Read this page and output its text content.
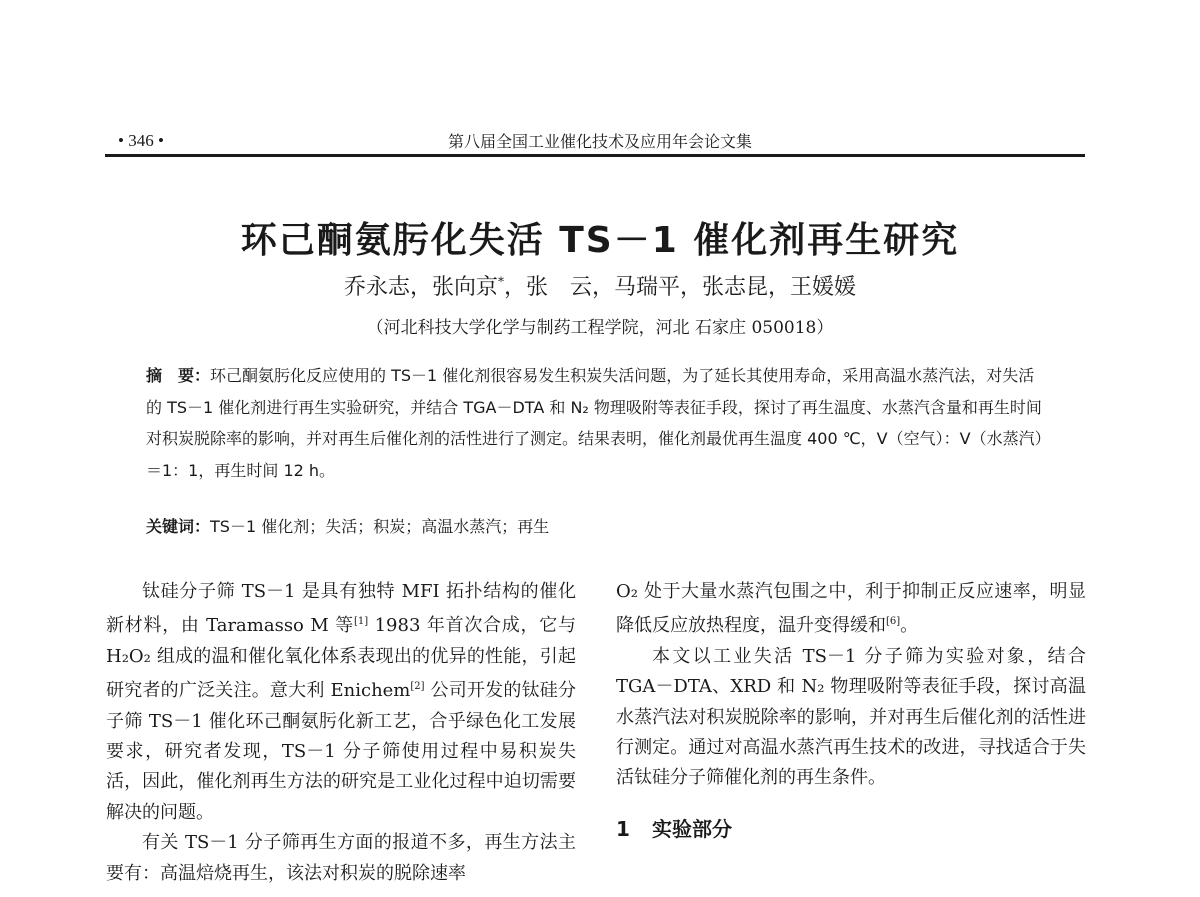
• 346 •	第八届全国工业催化技术及应用年会论文集
环己酮氨肟化失活 TS－1 催化剂再生研究
乔永志，张向京*，张　云，马瑞平，张志昆，王媛媛
（河北科技大学化学与制药工程学院，河北 石家庄 050018）
摘　要：环己酮氨肟化反应使用的 TS－1 催化剂很容易发生积炭失活问题，为了延长其使用寿命，采用高温水蒸汽法，对失活的 TS－1 催化剂进行再生实验研究，并结合 TGA－DTA 和 N₂ 物理吸附等表征手段，探讨了再生温度、水蒸汽含量和再生时间对积炭脱除率的影响，并对再生后催化剂的活性进行了测定。结果表明，催化剂最优再生温度 400 ℃，V（空气）：V（水蒸汽）＝1：1，再生时间 12 h。
关键词：TS－1 催化剂；失活；积炭；高温水蒸汽；再生

钛硅分子筛 TS－1 是具有独特 MFI 拓扑结构的催化新材料，由 Taramasso M 等[1] 1983 年首次合成，它与 H₂O₂ 组成的温和催化氧化体系表现出的优异的性能，引起研究者的广泛关注。意大利 Enichem[2] 公司开发的钛硅分子筛 TS－1 催化环己酮氨肟化新工艺，合乎绿色化工发展要求，研究者发现，TS－1 分子筛使用过程中易积炭失活，因此，催化剂再生方法的研究是工业化过程中迫切需要解决的问题。

有关 TS－1 分子筛再生方面的报道不多，再生方法主要有：高温焙烧再生，该法对积炭的脱除速率

O₂ 处于大量水蒸汽包围之中，利于抑制正反应速率，明显降低反应放热程度，温升变得缓和[6]。

本文以工业失活 TS－1 分子筛为实验对象，结合 TGA－DTA、XRD 和 N₂ 物理吸附等表征手段，探讨高温水蒸汽法对积炭脱除率的影响，并对再生后催化剂的活性进行测定。通过对高温水蒸汽再生技术的改进，寻找适合于失活钛硅分子筛催化剂的再生条件。

1 实验部分
